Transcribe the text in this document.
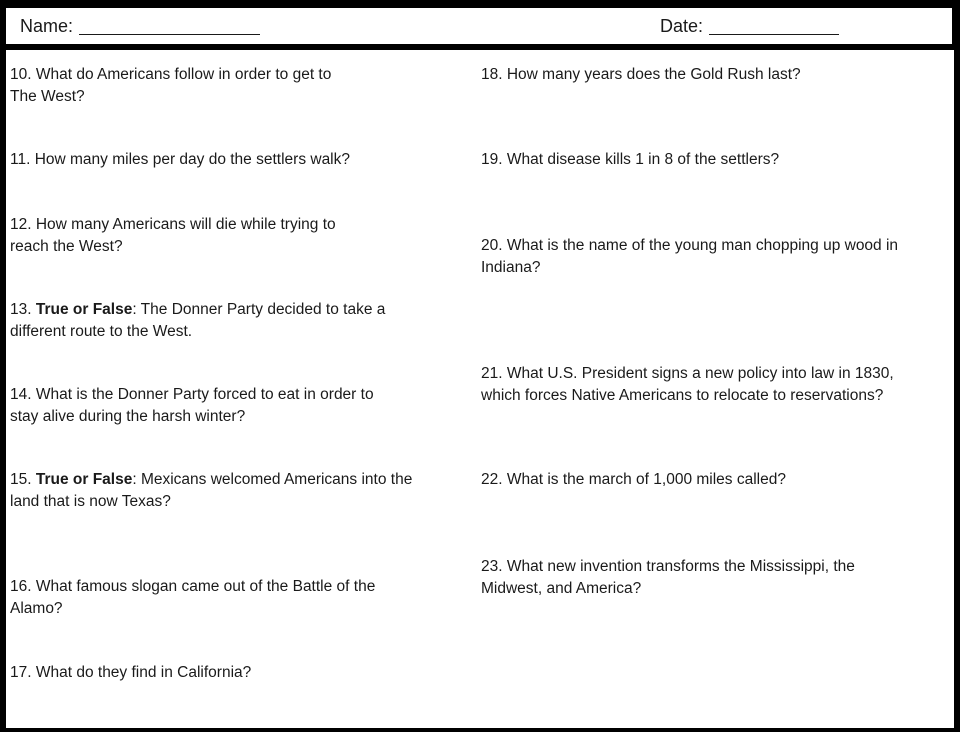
Name:	Date:

10. What do Americans follow in order to get to
The West?

11. How many miles per day do the settlers walk?

12. How many Americans will die while trying to
reach the West?

13. True or False: The Donner Party decided to take a
different route to the West.

14. What is the Donner Party forced to eat in order to
stay alive during the harsh winter?

15. True or False: Mexicans welcomed Americans into the
land that is now Texas?

16. What famous slogan came out of the Battle of the
Alamo?

17. What do they find in California?

18. How many years does the Gold Rush last?

19. What disease kills 1 in 8 of the settlers?

20. What is the name of the young man chopping up wood in
Indiana?

21. What U.S. President signs a new policy into law in 1830,
which forces Native Americans to relocate to reservations?

22. What is the march of 1,000 miles called?

23. What new invention transforms the Mississippi, the
Midwest, and America?
